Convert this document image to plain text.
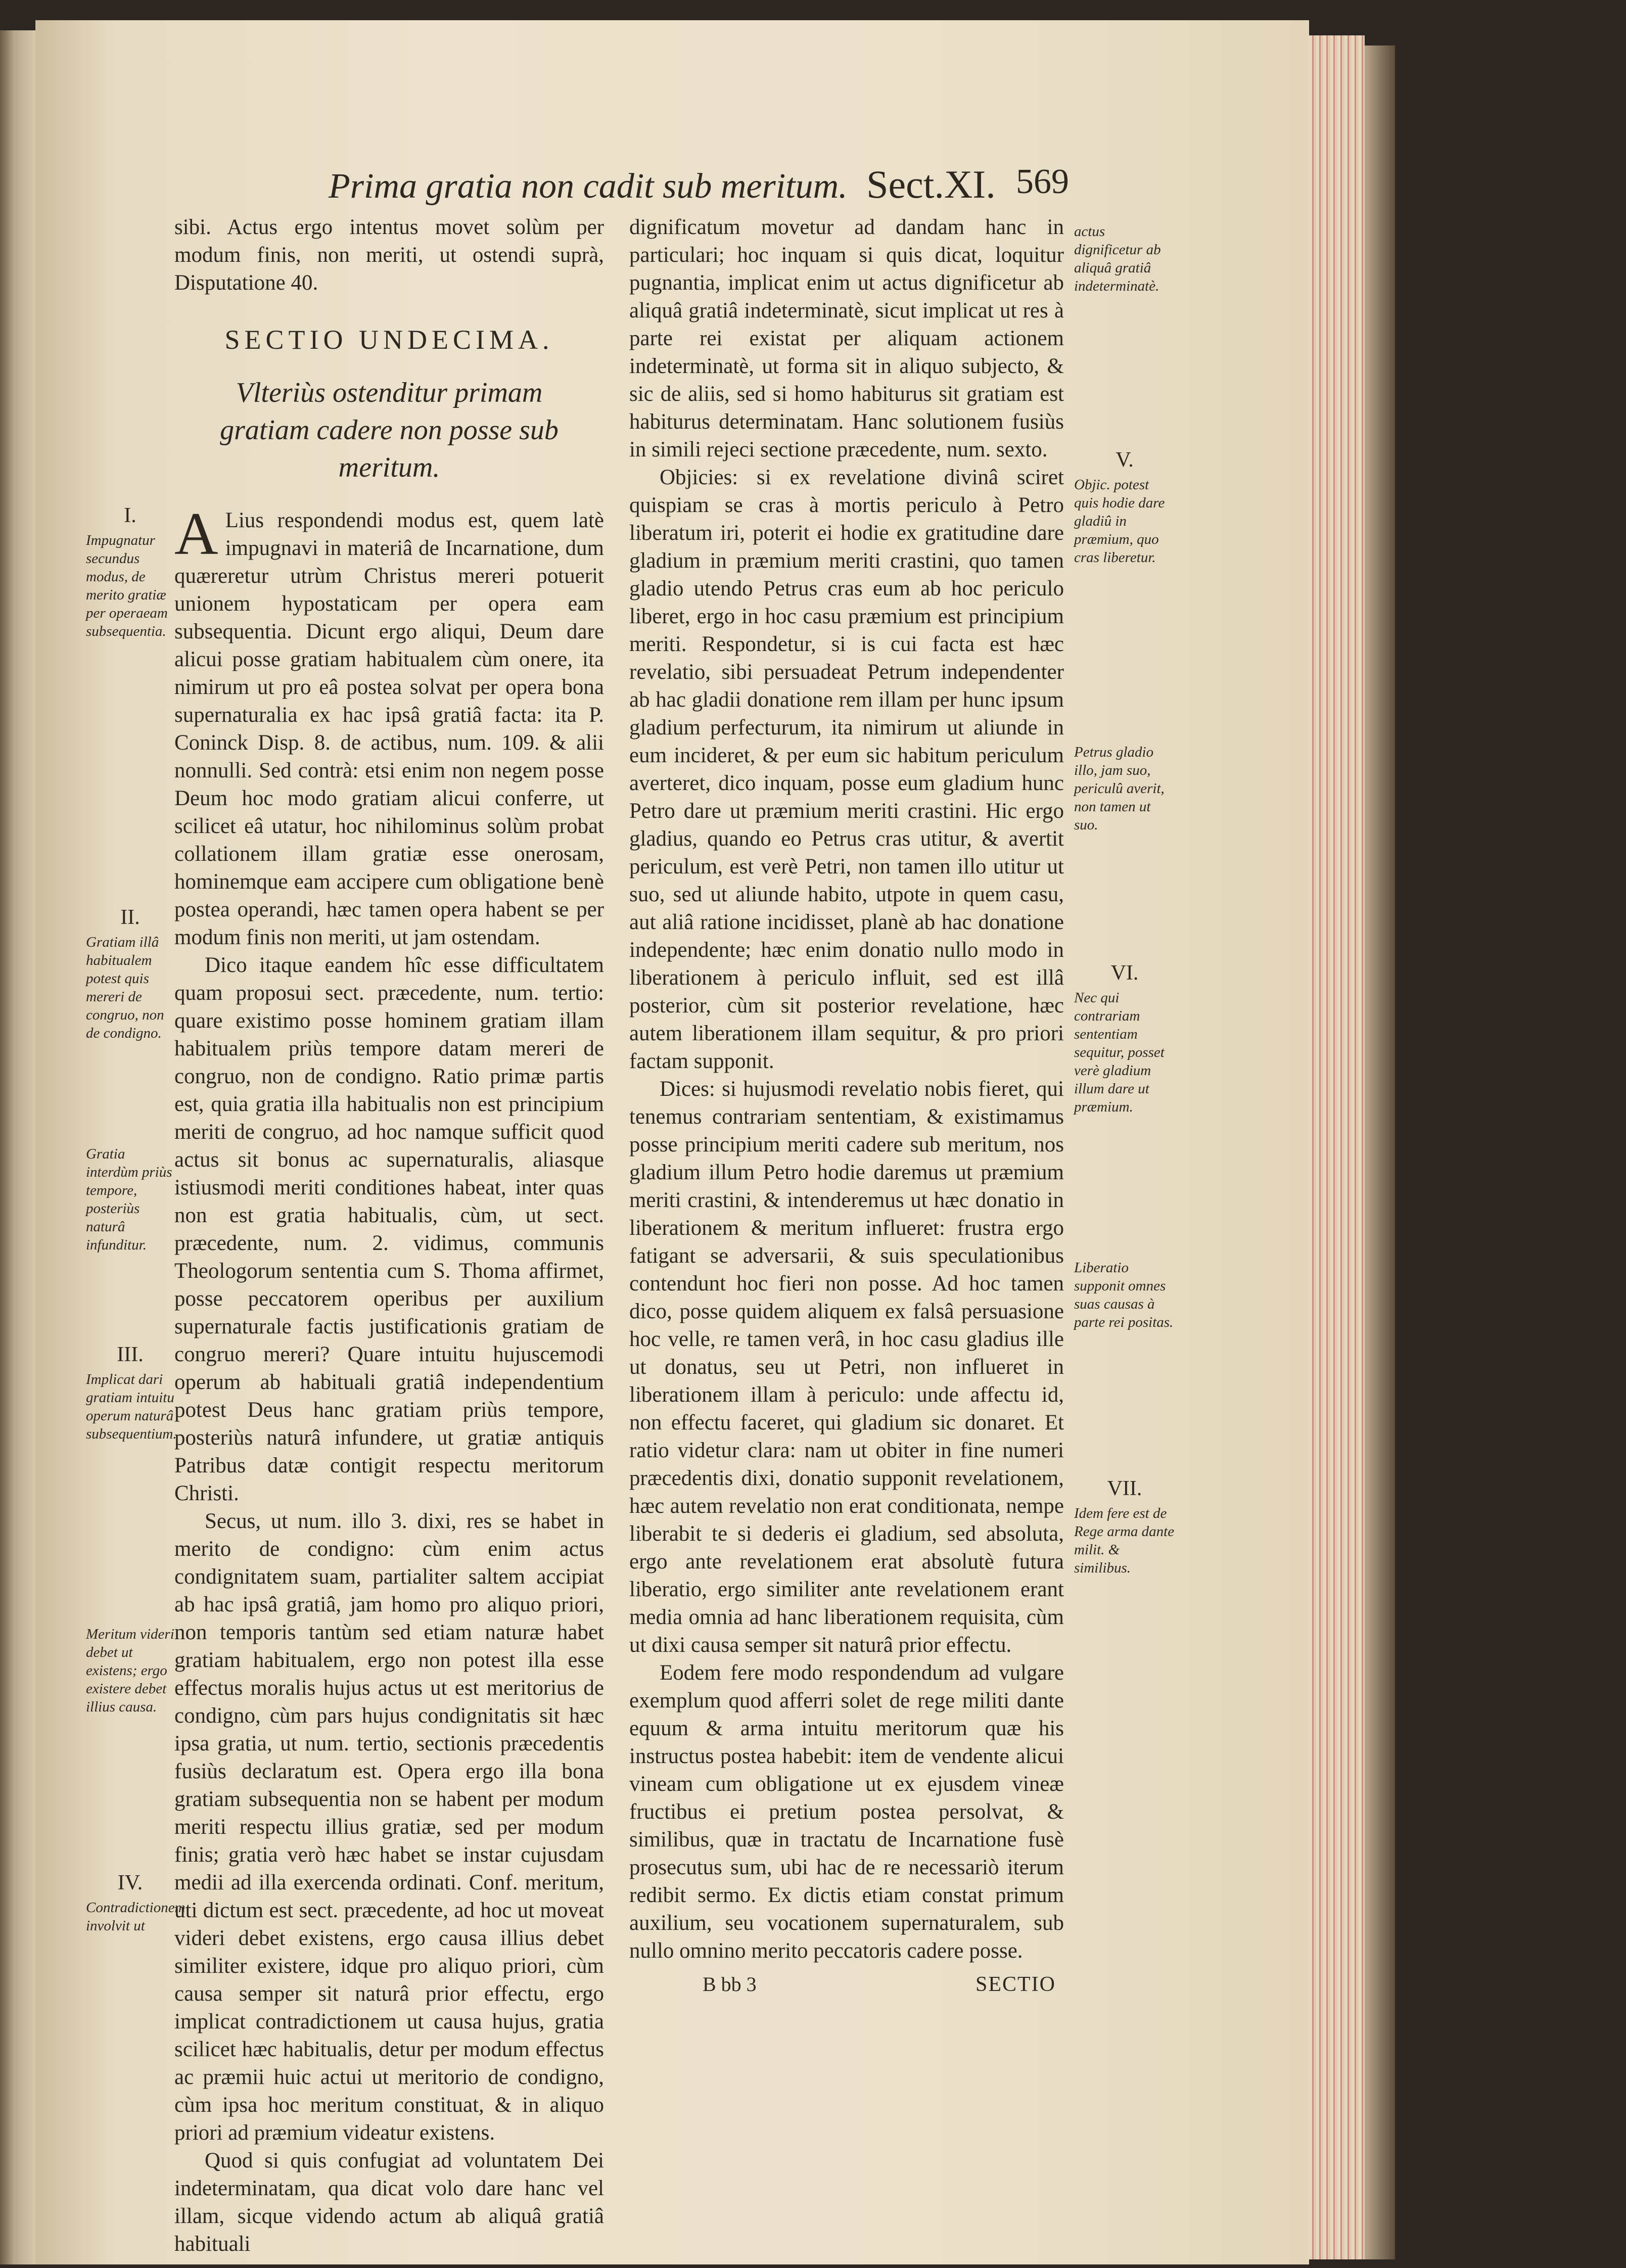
Prima gratia non cadit sub meritum. Sect.XI. 569

sibi. Actus ergo intentus movet solùm per modum finis, non meriti, ut ostendi suprà, Disputatione 40.

SECTIO UNDECIMA.
Vlteriùs ostenditur primam gratiam cadere non posse sub meritum.

A Lius respondendi modus est, quem latè impugnavi in materiâ de Incarnatione, dum quæreretur utrùm Christus mereri potuerit unionem hypostaticam per opera eam subsequentia. Dicunt ergo aliqui, Deum dare alicui posse gratiam habitualem cùm onere, ita nimirum ut pro eâ postea solvat per opera bona supernaturalia ex hac ipsâ gratiâ facta: ita P. Coninck Disp. 8. de actibus, num. 109. & alii nonnulli. Sed contrà: etsi enim non negem posse Deum hoc modo gratiam alicui conferre, ut scilicet eâ utatur, hoc nihilominus solùm probat collationem illam gratiæ esse onerosam, hominemque eam accipere cum obligatione benè postea operandi, hæc tamen opera habent se per modum finis non meriti, ut jam ostendam.

Dico itaque eandem hîc esse difficultatem quam proposui sect. præcedente, num. tertio: quare existimo posse hominem gratiam illam habitualem priùs tempore datam mereri de congruo, non de condigno. Ratio primæ partis est, quia gratia illa habitualis non est principium meriti de congruo, ad hoc namque sufficit quod actus sit bonus ac supernaturalis, aliasque istiusmodi meriti conditiones habeat, inter quas non est gratia habitualis, cùm, ut sect. præcedente, num. 2. vidimus, communis Theologorum sententia cum S. Thoma affirmet, posse peccatorem operibus per auxilium supernaturale factis justificationis gratiam de congruo mereri? Quare intuitu hujuscemodi operum ab habituali gratiâ independentium potest Deus hanc gratiam priùs tempore, posteriùs naturâ infundere, ut gratiæ antiquis Patribus datæ contigit respectu meritorum Christi.

Secus, ut num. illo 3. dixi, res se habet in merito de condigno: cùm enim actus condignitatem suam, partialiter saltem accipiat ab hac ipsâ gratiâ, jam homo pro aliquo priori, non temporis tantùm sed etiam naturæ habet gratiam habitualem, ergo non potest illa esse effectus moralis hujus actus ut est meritorius de condigno, cùm pars hujus condignitatis sit hæc ipsa gratia, ut num. tertio, sectionis præcedentis fusiùs declaratum est. Opera ergo illa bona gratiam subsequentia non se habent per modum meriti respectu illius gratiæ, sed per modum finis; gratia verò hæc habet se instar cujusdam medii ad illa exercenda ordinati. Conf. meritum, uti dictum est sect. præcedente, ad hoc ut moveat videri debet existens, ergo causa illius debet similiter existere, idque pro aliquo priori, cùm causa semper sit naturâ prior effectu, ergo implicat contradictionem ut causa hujus, gratia scilicet hæc habitualis, detur per modum effectus ac præmii huic actui ut meritorio de condigno, cùm ipsa hoc meritum constituat, & in aliquo priori ad præmium videatur existens.

Quod si quis confugiat ad voluntatem Dei indeterminatam, qua dicat volo dare hanc vel illam, sicque videndo actum ab aliquâ gratiâ habituali

I.
Impugnatur secundus modus, de merito gratiæ per operaeam subsequentia.
II.
Gratiam illâ habitualem potest quis mereri de congruo, non de condigno.
Gratia interdùm priùs tempore, posteriùs naturâ infunditur.
III.
Implicat dari gratiam intuitu operum naturâ subsequentium.
Meritum videri debet ut existens; ergo existere debet illius causa.
IV.
Contradictionem involvit ut

dignificatum movetur ad dandam hanc in particulari; hoc inquam si quis dicat, loquitur pugnantia, implicat enim ut actus dignificetur ab aliquâ gratiâ indeterminatè, sicut implicat ut res à parte rei existat per aliquam actionem indeterminatè, ut forma sit in aliquo subjecto, & sic de aliis, sed si homo habiturus sit gratiam est habiturus determinatam. Hanc solutionem fusiùs in simili rejeci sectione præcedente, num. sexto.

Objicies: si ex revelatione divinâ sciret quispiam se cras à mortis periculo à Petro liberatum iri, poterit ei hodie ex gratitudine dare gladium in præmium meriti crastini, quo tamen gladio utendo Petrus cras eum ab hoc periculo liberet, ergo in hoc casu præmium est principium meriti. Respondetur, si is cui facta est hæc revelatio, sibi persuadeat Petrum independenter ab hac gladii donatione rem illam per hunc ipsum gladium perfecturum, ita nimirum ut aliunde in eum incideret, & per eum sic habitum periculum averteret, dico inquam, posse eum gladium hunc Petro dare ut præmium meriti crastini. Hic ergo gladius, quando eo Petrus cras utitur, & avertit periculum, est verè Petri, non tamen illo utitur ut suo, sed ut aliunde habito, utpote in quem casu, aut aliâ ratione incidisset, planè ab hac donatione independente; hæc enim donatio nullo modo in liberationem à periculo influit, sed est illâ posterior, cùm sit posterior revelatione, hæc autem liberationem illam sequitur, & pro priori factam supponit.

Dices: si hujusmodi revelatio nobis fieret, qui tenemus contrariam sententiam, & existimamus posse principium meriti cadere sub meritum, nos gladium illum Petro hodie daremus ut præmium meriti crastini, & intenderemus ut hæc donatio in liberationem & meritum influeret: frustra ergo fatigant se adversarii, & suis speculationibus contendunt hoc fieri non posse. Ad hoc tamen dico, posse quidem aliquem ex falsâ persuasione hoc velle, re tamen verâ, in hoc casu gladius ille ut donatus, seu ut Petri, non influeret in liberationem illam à periculo: unde affectu id, non effectu faceret, qui gladium sic donaret. Et ratio videtur clara: nam ut obiter in fine numeri præcedentis dixi, donatio supponit revelationem, hæc autem revelatio non erat conditionata, nempe liberabit te si dederis ei gladium, sed absoluta, ergo ante revelationem erat absolutè futura liberatio, ergo similiter ante revelationem erant media omnia ad hanc liberationem requisita, cùm ut dixi causa semper sit naturâ prior effectu.

Eodem fere modo respondendum ad vulgare exemplum quod afferri solet de rege militi dante equum & arma intuitu meritorum quæ his instructus postea habebit: item de vendente alicui vineam cum obligatione ut ex ejusdem vineæ fructibus ei pretium postea persolvat, & similibus, quæ in tractatu de Incarnatione fusè prosecutus sum, ubi hac de re necessariò iterum redibit sermo. Ex dictis etiam constat primum auxilium, seu vocationem supernaturalem, sub nullo omnino merito peccatoris cadere posse.

actus dignificetur ab aliquâ gratiâ indeterminatè.
V.
Objic. potest quis hodie dare gladiû in præmium, quo cras liberetur.
Petrus gladio illo, jam suo, periculû averit, non tamen ut suo.
VI.
Nec qui contrariam sententiam sequitur, posset verè gladium illum dare ut præmium.
Liberatio supponit omnes suas causas à parte rei positas.
VII.
Idem fere est de Rege arma dante milit. & similibus.
B bb 3	SECTIO
